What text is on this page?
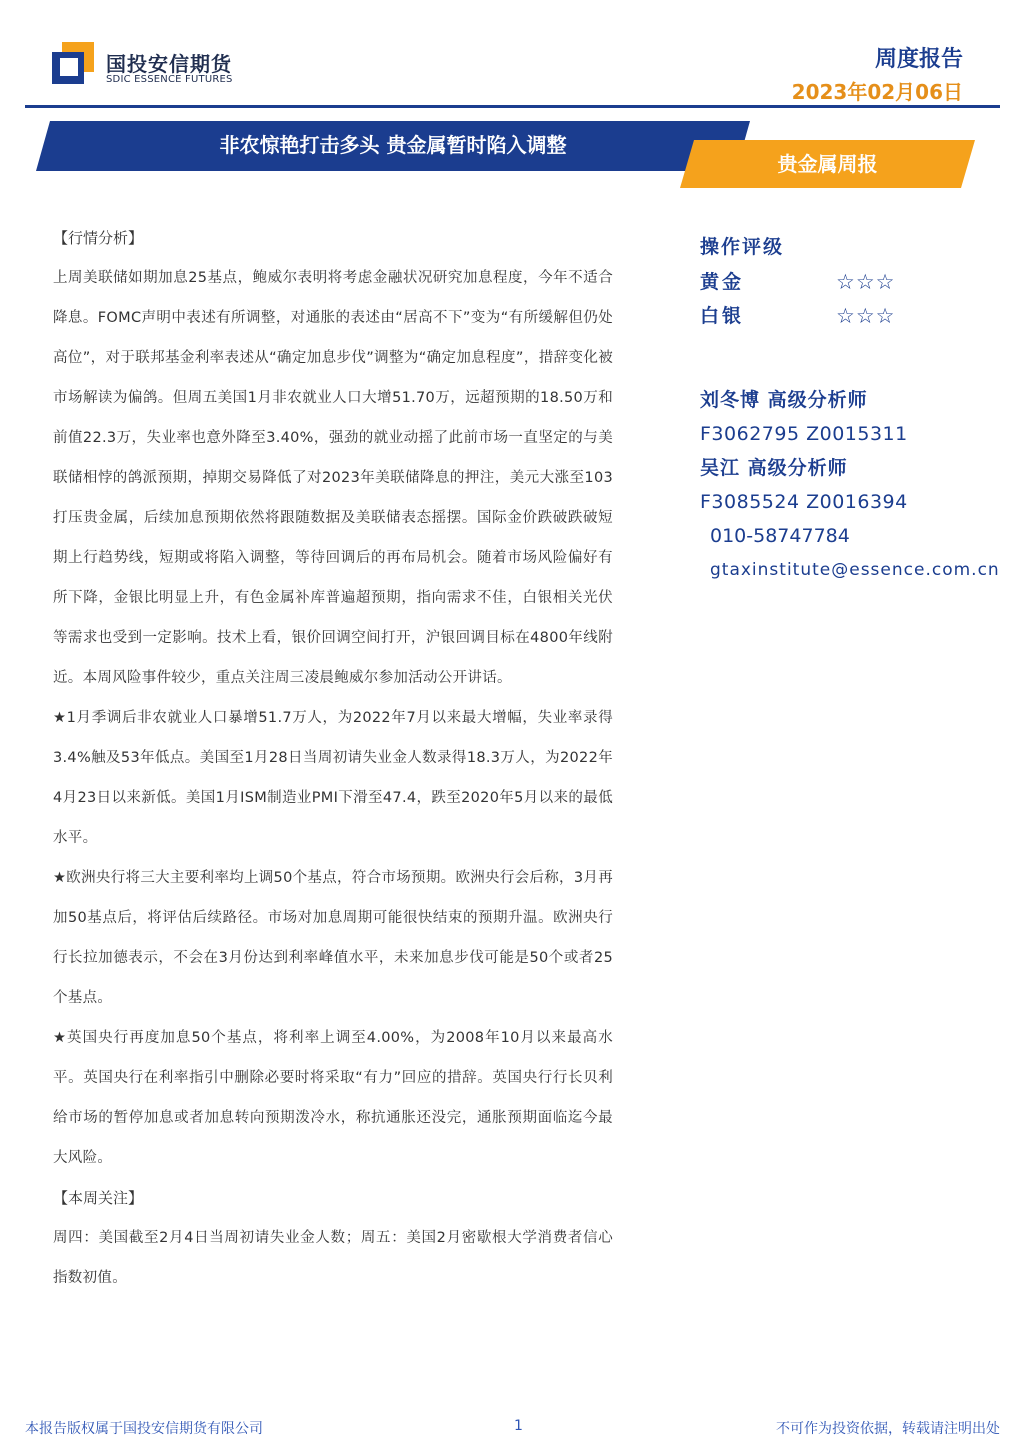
国投安信期货
SDIC ESSENCE FUTURES
周度报告
2023年02月06日
非农惊艳打击多头 贵金属暂时陷入调整
贵金属周报

【行情分析】

上周美联储如期加息25基点，鲍威尔表明将考虑金融状况研究加息程度，今年不适合降息。FOMC声明中表述有所调整，对通胀的表述由“居高不下”变为“有所缓解但仍处高位”，对于联邦基金利率表述从“确定加息步伐”调整为“确定加息程度”，措辞变化被市场解读为偏鸽。但周五美国1月非农就业人口大增51.70万，远超预期的18.50万和前值22.3万，失业率也意外降至3.40%，强劲的就业动摇了此前市场一直坚定的与美联储相悖的鸽派预期，掉期交易降低了对2023年美联储降息的押注，美元大涨至103打压贵金属，后续加息预期依然将跟随数据及美联储表态摇摆。国际金价跌破跌破短期上行趋势线，短期或将陷入调整，等待回调后的再布局机会。随着市场风险偏好有所下降，金银比明显上升，有色金属补库普遍超预期，指向需求不佳，白银相关光伏等需求也受到一定影响。技术上看，银价回调空间打开，沪银回调目标在4800年线附近。本周风险事件较少，重点关注周三凌晨鲍威尔参加活动公开讲话。

★1月季调后非农就业人口暴增51.7万人，为2022年7月以来最大增幅，失业率录得3.4%触及53年低点。美国至1月28日当周初请失业金人数录得18.3万人，为2022年4月23日以来新低。美国1月ISM制造业PMI下滑至47.4，跌至2020年5月以来的最低水平。

★欧洲央行将三大主要利率均上调50个基点，符合市场预期。欧洲央行会后称，3月再加50基点后，将评估后续路径。市场对加息周期可能很快结束的预期升温。欧洲央行行长拉加德表示，不会在3月份达到利率峰值水平，未来加息步伐可能是50个或者25个基点。

★英国央行再度加息50个基点，将利率上调至4.00%，为2008年10月以来最高水平。英国央行在利率指引中删除必要时将采取“有力”回应的措辞。英国央行行长贝利给市场的暂停加息或者加息转向预期泼冷水，称抗通胀还没完，通胀预期面临迄今最大风险。

【本周关注】

周四：美国截至2月4日当周初请失业金人数；周五：美国2月密歇根大学消费者信心指数初值。

操作评级
黄金	☆☆☆
白银	☆☆☆
刘冬博 高级分析师
F3062795 Z0015311
吴江 高级分析师
F3085524 Z0016394
010-58747784
gtaxinstitute@essence.com.cn
本报告版权属于国投安信期货有限公司	1	不可作为投资依据，转载请注明出处
